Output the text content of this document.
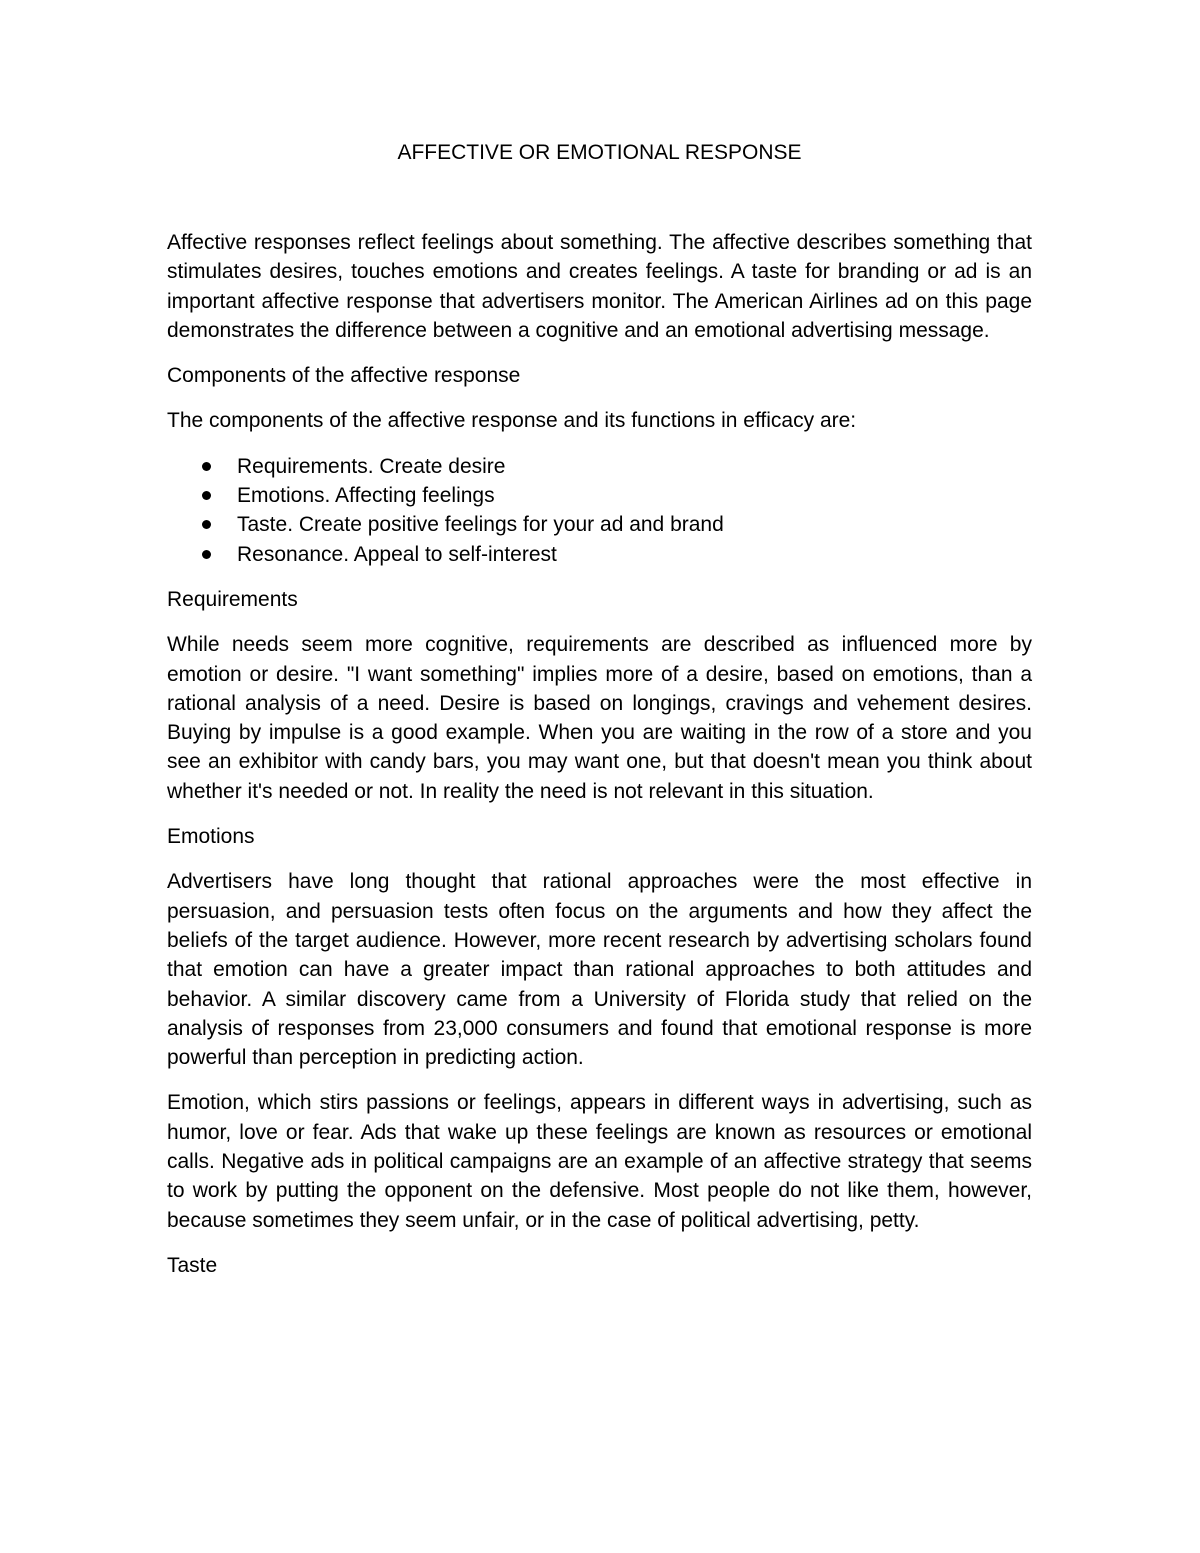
AFFECTIVE OR EMOTIONAL RESPONSE

Affective responses reflect feelings about something. The affective describes something that stimulates desires, touches emotions and creates feelings. A taste for branding or ad is an important affective response that advertisers monitor. The American Airlines ad on this page demonstrates the difference between a cognitive and an emotional advertising message.

Components of the affective response

The components of the affective response and its functions in efficacy are:

Requirements. Create desire
Emotions. Affecting feelings
Taste. Create positive feelings for your ad and brand
Resonance. Appeal to self-interest

Requirements

While needs seem more cognitive, requirements are described as influenced more by emotion or desire. "I want something" implies more of a desire, based on emotions, than a rational analysis of a need. Desire is based on longings, cravings and vehement desires. Buying by impulse is a good example. When you are waiting in the row of a store and you see an exhibitor with candy bars, you may want one, but that doesn't mean you think about whether it's needed or not. In reality the need is not relevant in this situation.

Emotions

Advertisers have long thought that rational approaches were the most effective in persuasion, and persuasion tests often focus on the arguments and how they affect the beliefs of the target audience. However, more recent research by advertising scholars found that emotion can have a greater impact than rational approaches to both attitudes and behavior. A similar discovery came from a University of Florida study that relied on the analysis of responses from 23,000 consumers and found that emotional response is more powerful than perception in predicting action.

Emotion, which stirs passions or feelings, appears in different ways in advertising, such as humor, love or fear. Ads that wake up these feelings are known as resources or emotional calls. Negative ads in political campaigns are an example of an affective strategy that seems to work by putting the opponent on the defensive. Most people do not like them, however, because sometimes they seem unfair, or in the case of political advertising, petty.

Taste
